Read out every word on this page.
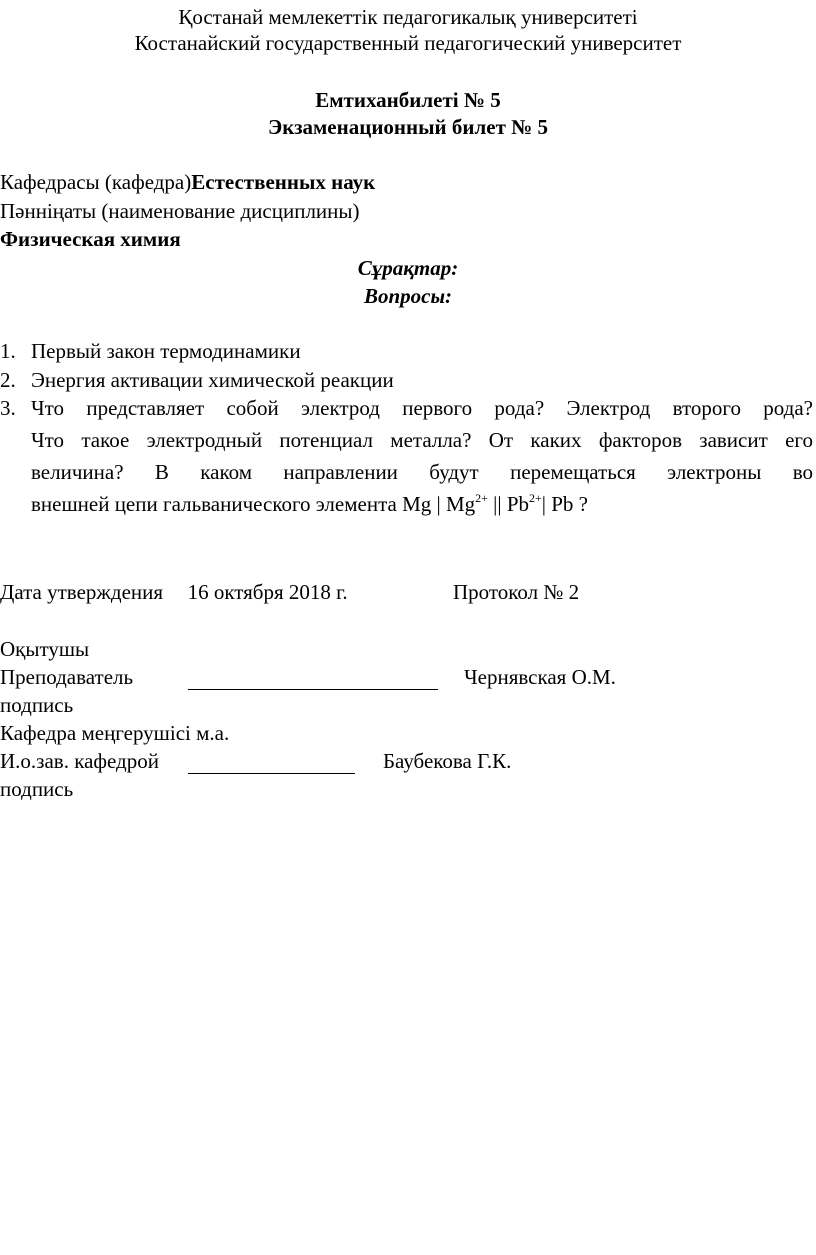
Қостанай мемлекеттік педагогикалық университеті
Костанайский государственный педагогический университет
Емтиханбилеті № 5
Экзаменационный билет № 5
Кафедрасы (кафедра)Естественных наук
Пәнніңаты (наименование дисциплины)
Физическая химия
Сұрақтар:
Вопросы:
1. Первый закон термодинамики
2. Энергия активации химической реакции
3. Что представляет собой электрод первого рода? Электрод второго рода?
Что такое электродный потенциал металла? От каких факторов зависит его
величина? В каком направлении будут перемещаться электроны во
внешней цепи гальванического элемента Mg | $Mg^{2+}$ || $Pb^{2+}|$ Pb ?
Дата утверждения 16 октября 2018 г.	Протокол № 2
Оқытушы
Преподаватель	Чернявская О.М.
подпись
Кафедра меңгерушісі м.а.
И.о.зав. кафедрой	Баубекова Г.К.
подпись
